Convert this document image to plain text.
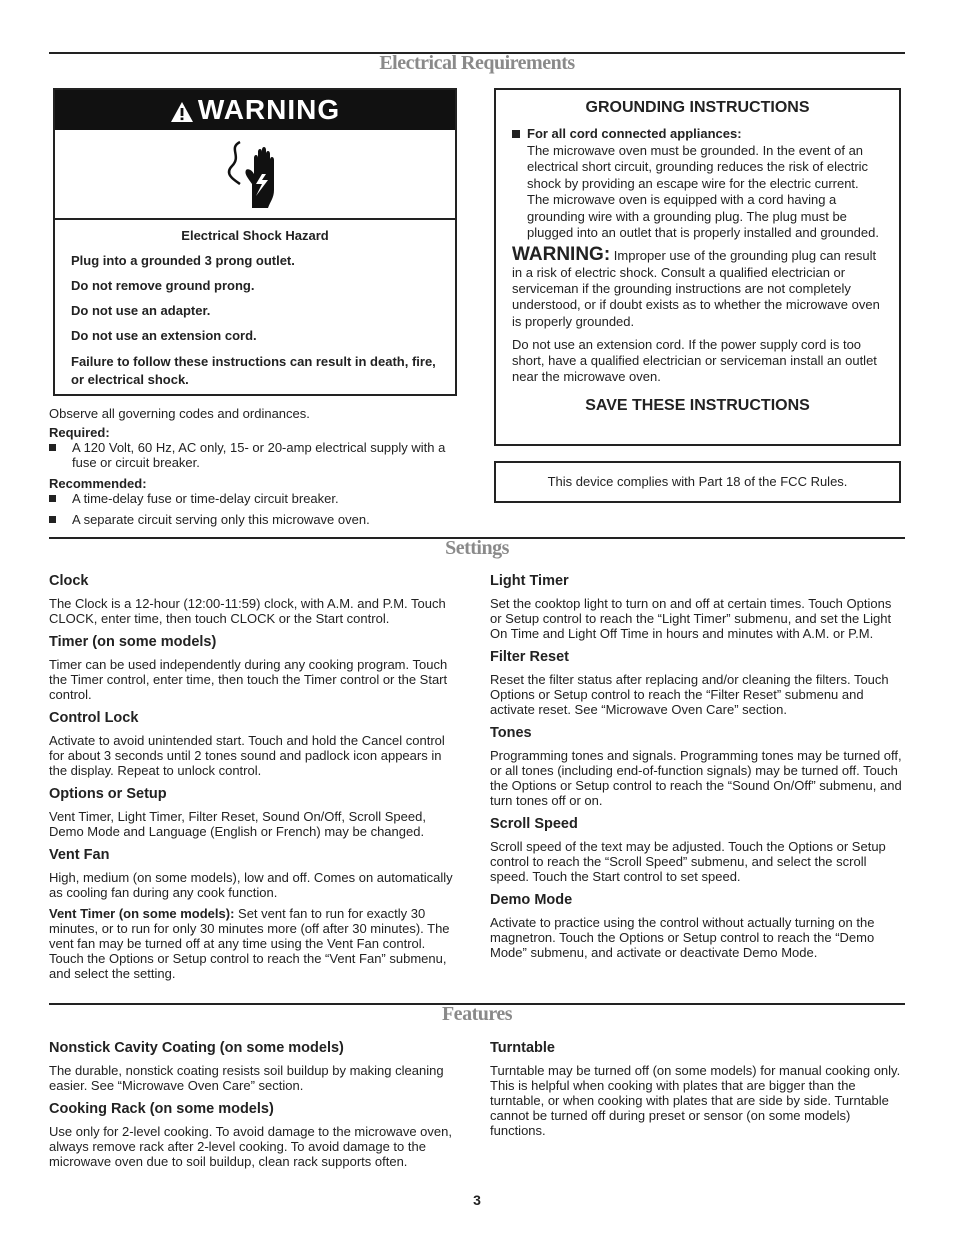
Electrical Requirements
WARNING

Electrical Shock Hazard

Plug into a grounded 3 prong outlet.

Do not remove ground prong.

Do not use an adapter.

Do not use an extension cord.

Failure to follow these instructions can result in death, fire, or electrical shock.

GROUNDING INSTRUCTIONS
For all cord connected appliances:
The microwave oven must be grounded. In the event of an electrical short circuit, grounding reduces the risk of electric shock by providing an escape wire for the electric current. The microwave oven is equipped with a cord having a grounding wire with a grounding plug. The plug must be plugged into an outlet that is properly installed and grounded.
WARNING: Improper use of the grounding plug can result in a risk of electric shock. Consult a qualified electrician or serviceman if the grounding instructions are not completely understood, or if doubt exists as to whether the microwave oven is properly grounded.
Do not use an extension cord. If the power supply cord is too short, have a qualified electrician or serviceman install an outlet near the microwave oven.
SAVE THESE INSTRUCTIONS
This device complies with Part 18 of the FCC Rules.
Observe all governing codes and ordinances.
Required:
A 120 Volt, 60 Hz, AC only, 15- or 20-amp electrical supply with a fuse or circuit breaker.
Recommended:
A time-delay fuse or time-delay circuit breaker.
A separate circuit serving only this microwave oven.
Settings
Clock
The Clock is a 12-hour (12:00-11:59) clock, with A.M. and P.M. Touch CLOCK, enter time, then touch CLOCK or the Start control.
Timer (on some models)
Timer can be used independently during any cooking program. Touch the Timer control, enter time, then touch the Timer control or the Start control.
Control Lock
Activate to avoid unintended start. Touch and hold the Cancel control for about 3 seconds until 2 tones sound and padlock icon appears in the display. Repeat to unlock control.
Options or Setup
Vent Timer, Light Timer, Filter Reset, Sound On/Off, Scroll Speed, Demo Mode and Language (English or French) may be changed.
Vent Fan
High, medium (on some models), low and off. Comes on automatically as cooling fan during any cook function.
Vent Timer (on some models): Set vent fan to run for exactly 30 minutes, or to run for only 30 minutes more (off after 30 minutes). The vent fan may be turned off at any time using the Vent Fan control. Touch the Options or Setup control to reach the “Vent Fan” submenu, and select the setting.
Light Timer
Set the cooktop light to turn on and off at certain times. Touch Options or Setup control to reach the “Light Timer” submenu, and set the Light On Time and Light Off Time in hours and minutes with A.M. or P.M.
Filter Reset
Reset the filter status after replacing and/or cleaning the filters. Touch Options or Setup control to reach the “Filter Reset” submenu and activate reset. See “Microwave Oven Care” section.
Tones
Programming tones and signals. Programming tones may be turned off, or all tones (including end-of-function signals) may be turned off. Touch the Options or Setup control to reach the “Sound On/Off” submenu, and turn tones off or on.
Scroll Speed
Scroll speed of the text may be adjusted. Touch the Options or Setup control to reach the “Scroll Speed” submenu, and select the scroll speed. Touch the Start control to set speed.
Demo Mode
Activate to practice using the control without actually turning on the magnetron. Touch the Options or Setup control to reach the “Demo Mode” submenu, and activate or deactivate Demo Mode.
Features
Nonstick Cavity Coating (on some models)
The durable, nonstick coating resists soil buildup by making cleaning easier. See “Microwave Oven Care” section.
Cooking Rack (on some models)
Use only for 2-level cooking. To avoid damage to the microwave oven, always remove rack after 2-level cooking. To avoid damage to the microwave oven due to soil buildup, clean rack supports often.
Turntable
Turntable may be turned off (on some models) for manual cooking only. This is helpful when cooking with plates that are bigger than the turntable, or when cooking with plates that are side by side. Turntable cannot be turned off during preset or sensor (on some models) functions.
3
